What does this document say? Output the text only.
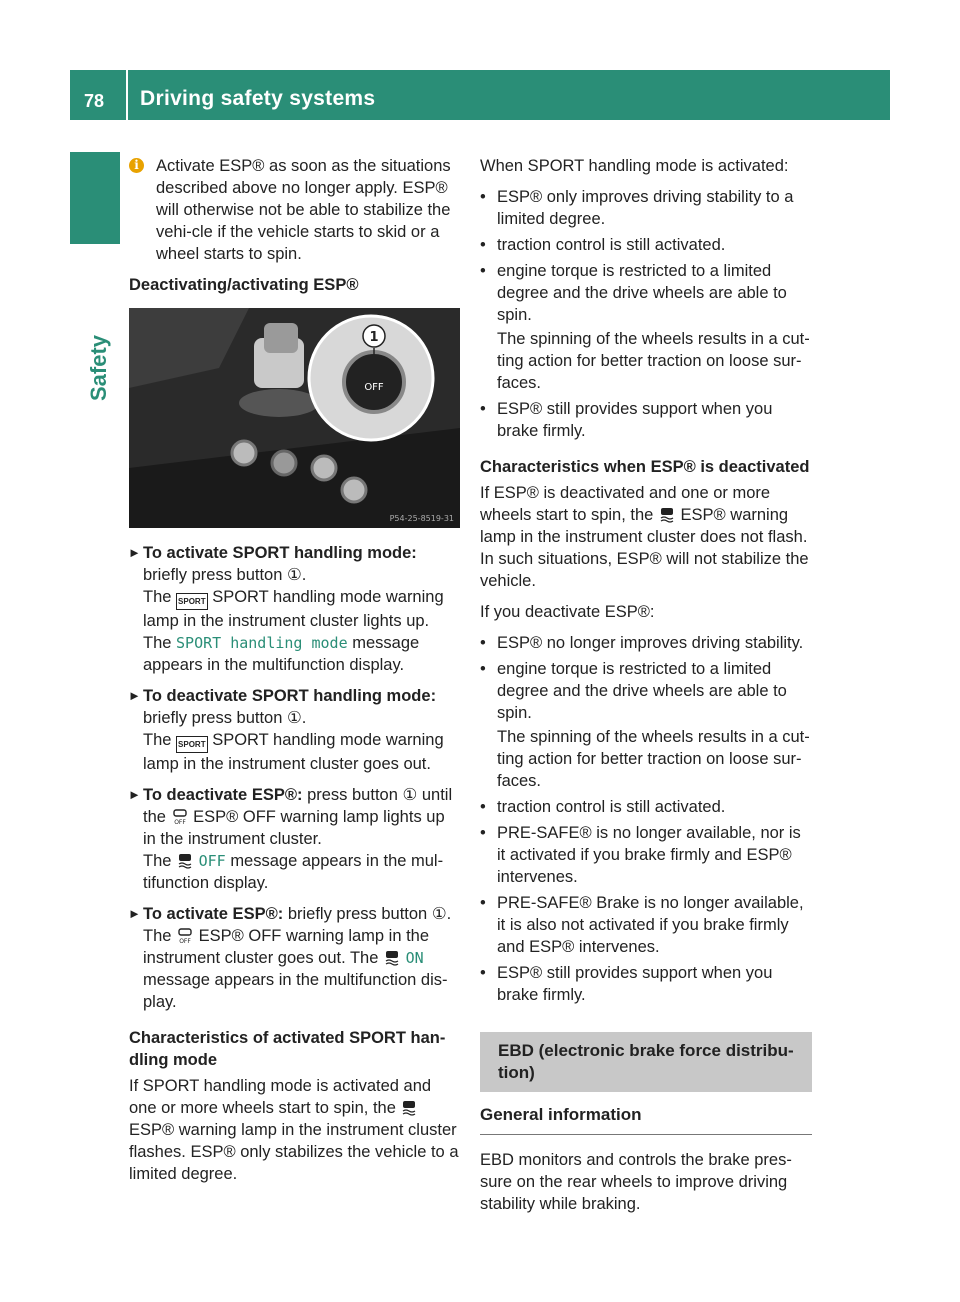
78	Driving safety systems
Safety

i	Activate ESP® as soon as the situations described above no longer apply. ESP® will otherwise not be able to stabilize the vehi-cle if the vehicle starts to skid or a wheel starts to spin.

Deactivating/activating ESP®

OFF
1
P54-25-8519-31
► To activate SPORT handling mode:
briefly press button ①.
The SPORT SPORT handling mode warning lamp in the instrument cluster lights up.
The SPORT handling mode message appears in the multifunction display.
► To deactivate SPORT handling mode:
briefly press button ①.
The SPORT SPORT handling mode warning lamp in the instrument cluster goes out.
► To deactivate ESP®: press button ① until
the OFF ESP® OFF warning lamp lights up in the instrument cluster.
The OFF message appears in the mul-tifunction display.
► To activate ESP®: briefly press button ①.
The OFF ESP® OFF warning lamp in the instrument cluster goes out. The ON message appears in the multifunction dis-play.

Characteristics of activated SPORT han-dling mode

If SPORT handling mode is activated and one or more wheels start to spin, the  ESP® warning lamp in the instrument cluster flashes. ESP® only stabilizes the vehicle to a limited degree.

When SPORT handling mode is activated:

• ESP® only improves driving stability to a limited degree.
• traction control is still activated.
• engine torque is restricted to a limited degree and the drive wheels are able to spin.
The spinning of the wheels results in a cut-ting action for better traction on loose sur-faces.
• ESP® still provides support when you brake firmly.

Characteristics when ESP® is deactivated

If ESP® is deactivated and one or more wheels start to spin, the ESP® warning lamp in the instrument cluster does not flash. In such situations, ESP® will not stabilize the vehicle.

If you deactivate ESP®:

• ESP® no longer improves driving stability.
• engine torque is restricted to a limited degree and the drive wheels are able to spin.
The spinning of the wheels results in a cut-ting action for better traction on loose sur-faces.
• traction control is still activated.
• PRE-SAFE® is no longer available, nor is it activated if you brake firmly and ESP® intervenes.
• PRE-SAFE® Brake is no longer available, it is also not activated if you brake firmly and ESP® intervenes.
• ESP® still provides support when you brake firmly.
EBD (electronic brake force distribu-tion)
General information

EBD monitors and controls the brake pres-sure on the rear wheels to improve driving stability while braking.
